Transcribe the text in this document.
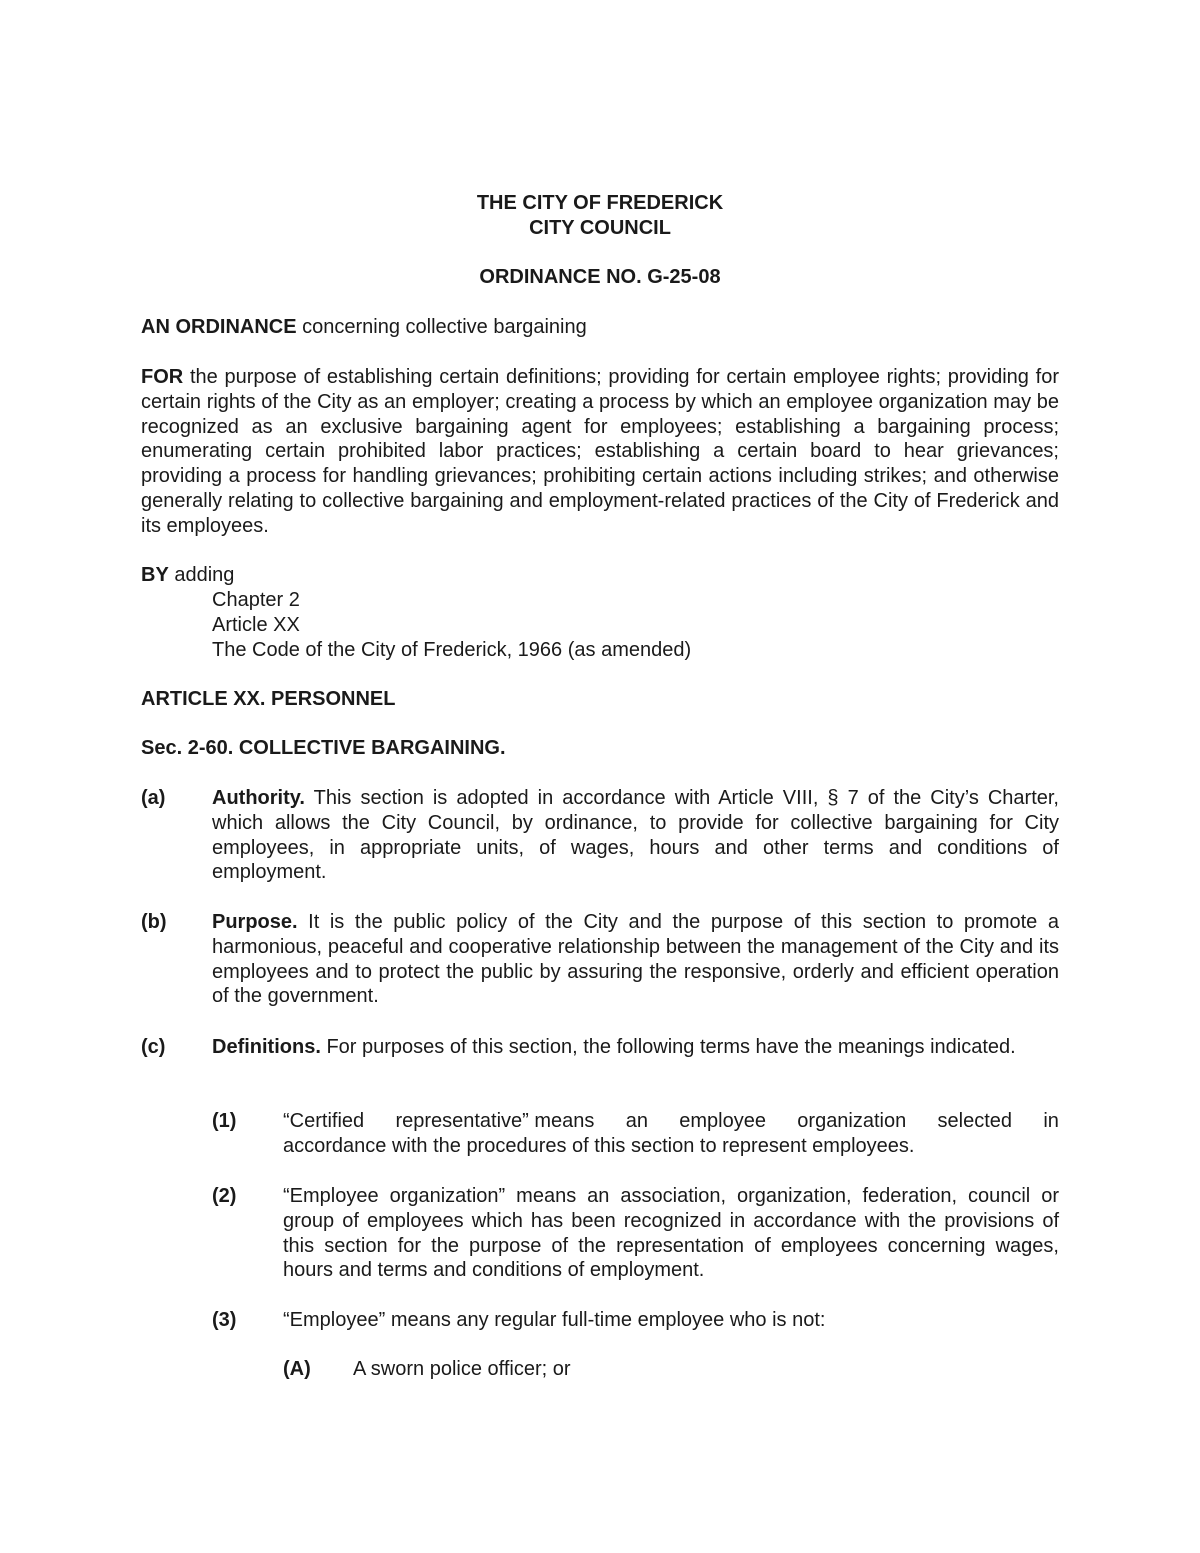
THE CITY OF FREDERICK
CITY COUNCIL
ORDINANCE NO. G-25-08

AN ORDINANCE concerning collective bargaining

FOR the purpose of establishing certain definitions; providing for certain employee rights; providing for certain rights of the City as an employer; creating a process by which an employee organization may be recognized as an exclusive bargaining agent for employees; establishing a bargaining process; enumerating certain prohibited labor practices; establishing a certain board to hear grievances; providing a process for handling grievances; prohibiting certain actions including strikes; and otherwise generally relating to collective bargaining and employment-related practices of the City of Frederick and its employees.

BY adding

Chapter 2
Article XX
The Code of the City of Frederick, 1966 (as amended)
ARTICLE XX. PERSONNEL
Sec. 2-60. COLLECTIVE BARGAINING.
(a) Authority. This section is adopted in accordance with Article VIII, § 7 of the City’s Charter, which allows the City Council, by ordinance, to provide for collective bargaining for City employees, in appropriate units, of wages, hours and other terms and conditions of employment.

(b) Purpose. It is the public policy of the City and the purpose of this section to promote a harmonious, peaceful and cooperative relationship between the management of the City and its employees and to protect the public by assuring the responsive, orderly and efficient operation of the government.

(c) Definitions. For purposes of this section, the following terms have the meanings indicated.

(1) “Certified representative” means an employee organization selected in
accordance with the procedures of this section to represent employees.
(2) “Employee organization” means an association, organization, federation, council or group of employees which has been recognized in accordance with the provisions of this section for the purpose of the representation of employees concerning wages, hours and terms and conditions of employment.

(3) “Employee” means any regular full-time employee who is not:

(A) A sworn police officer; or
